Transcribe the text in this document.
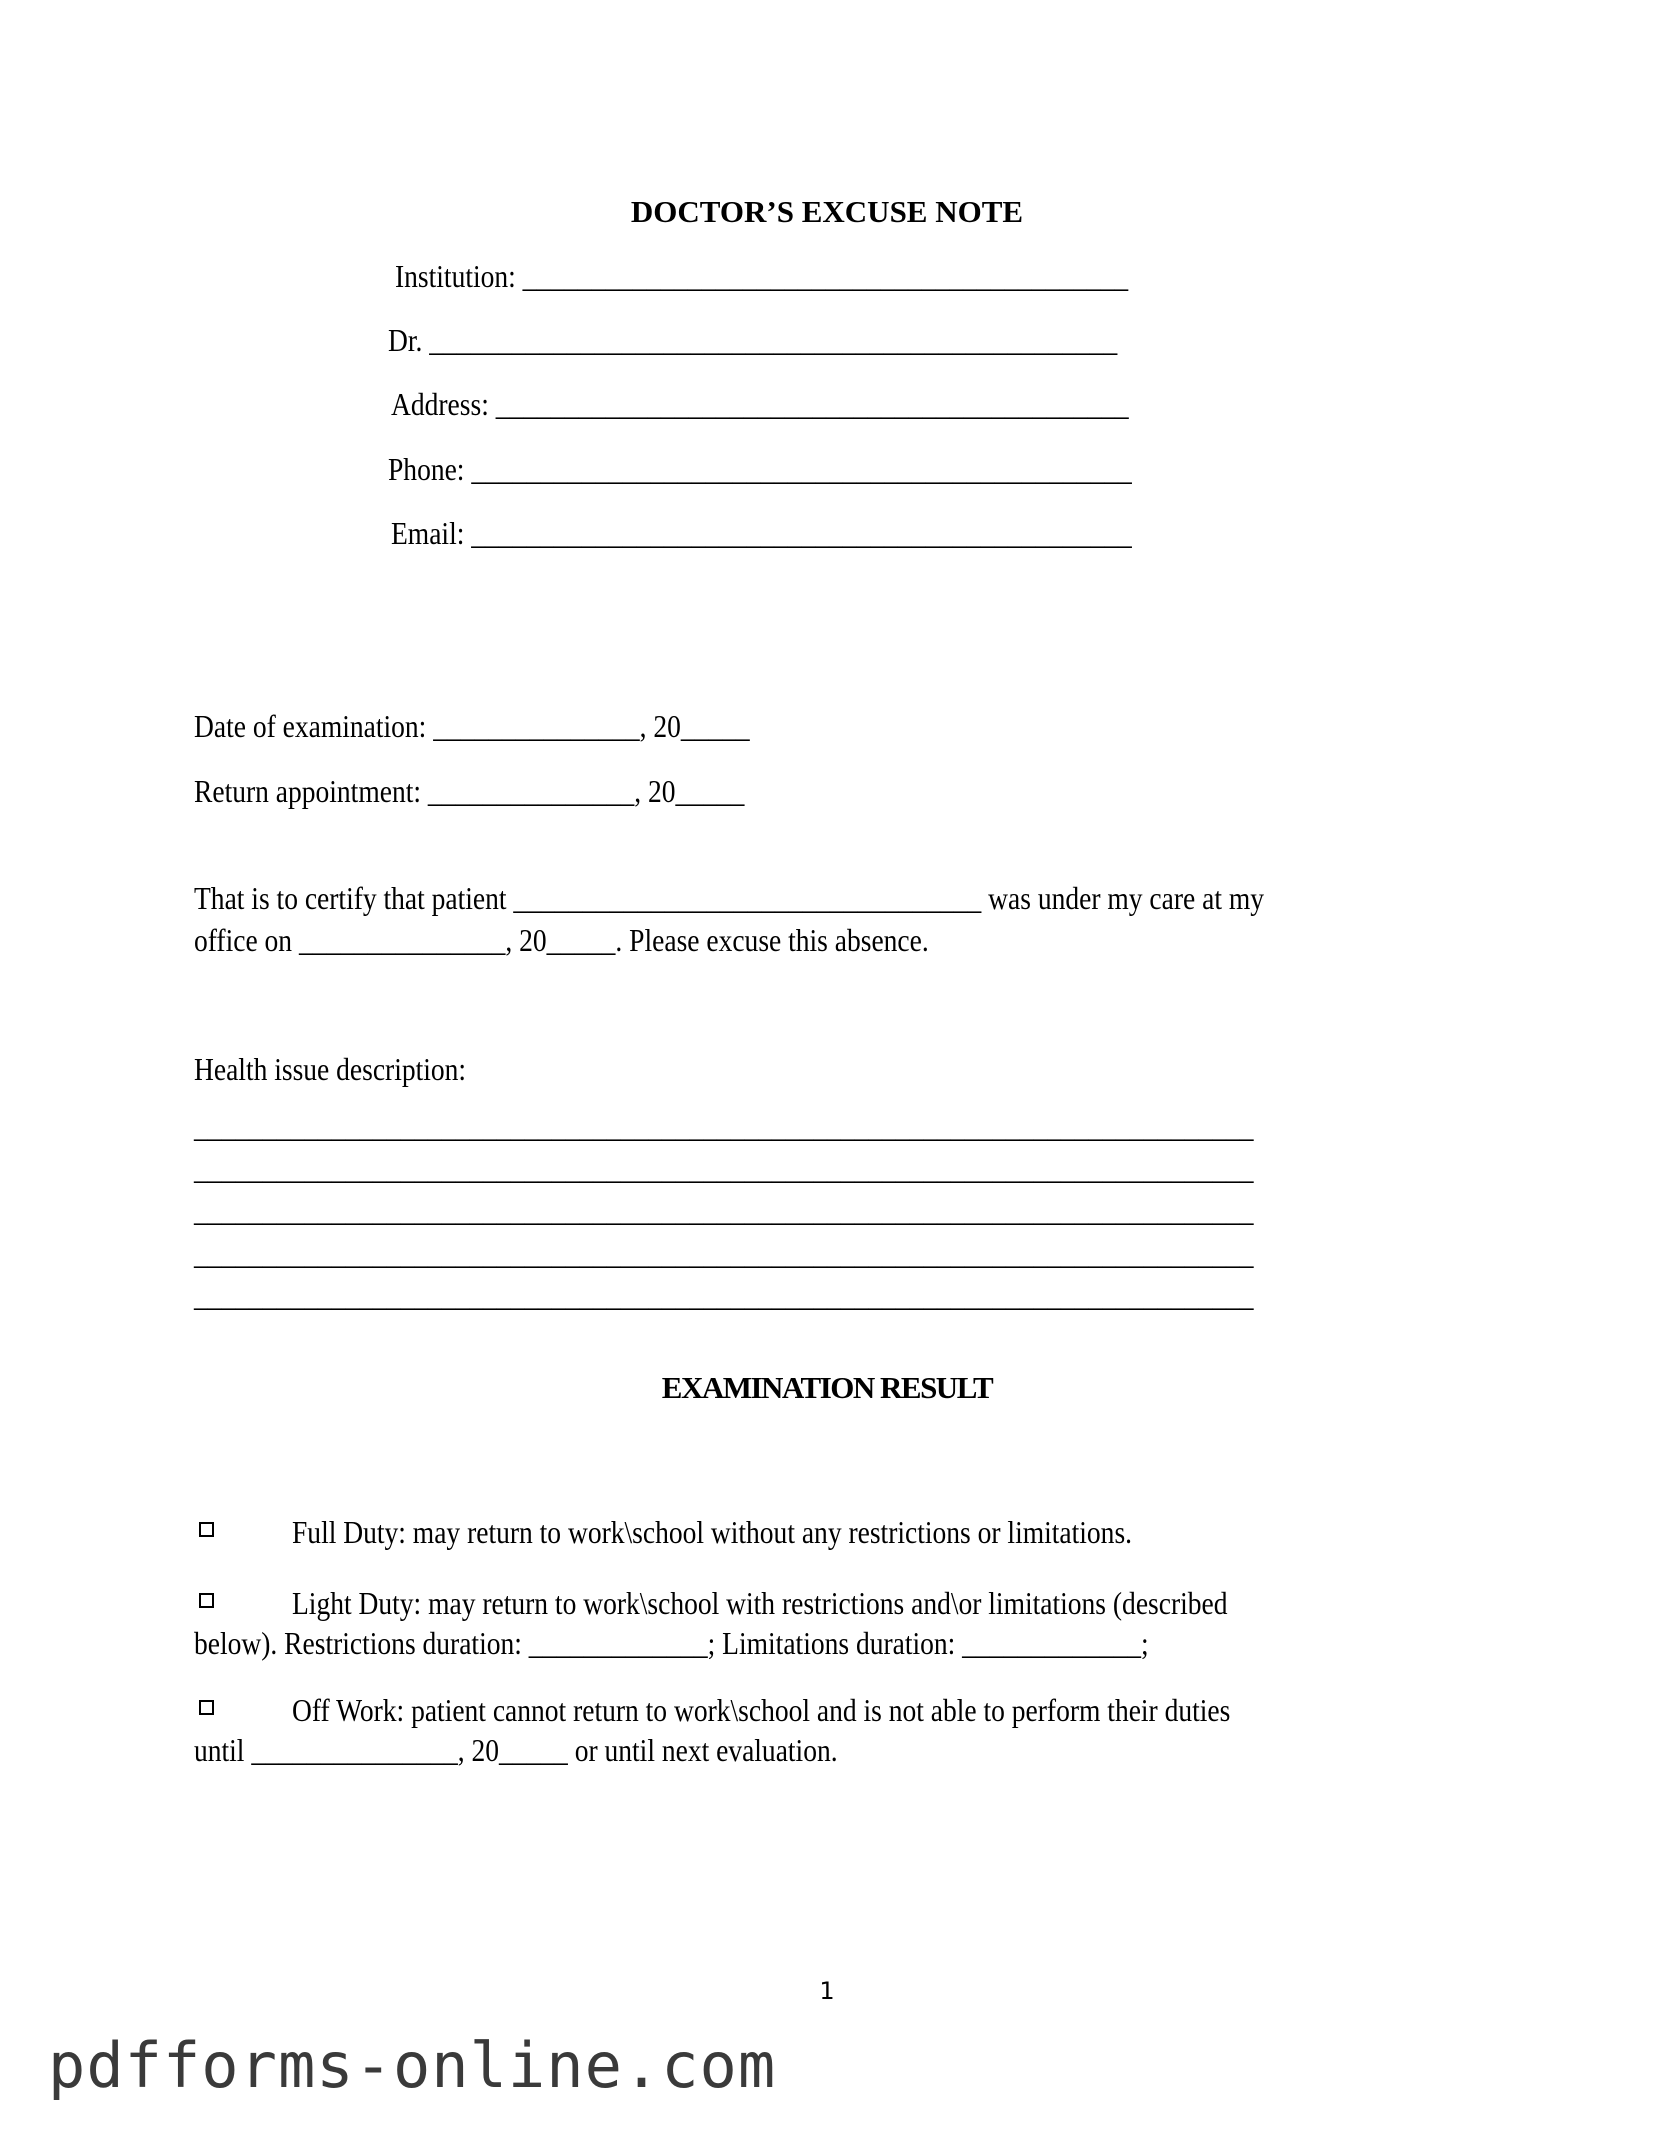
DOCTOR’S EXCUSE NOTE
Institution: ____________________________________________
Dr. __________________________________________________
Address: ______________________________________________
Phone: ________________________________________________
Email: ________________________________________________
Date of examination: _______________, 20_____
Return appointment: _______________, 20_____
That is to certify that patient __________________________________ was under my care at my
office on _______________, 20_____. Please excuse this absence.
Health issue description:
_____________________________________________________________________________
_____________________________________________________________________________
_____________________________________________________________________________
_____________________________________________________________________________
_____________________________________________________________________________
EXAMINATION RESULT
Full Duty: may return to work\school without any restrictions or limitations.
Light Duty: may return to work\school with restrictions and\or limitations (described
below). Restrictions duration: _____________; Limitations duration: _____________;
Off Work: patient cannot return to work\school and is not able to perform their duties
until _______________, 20_____ or until next evaluation.
1
pdfforms-online.com
